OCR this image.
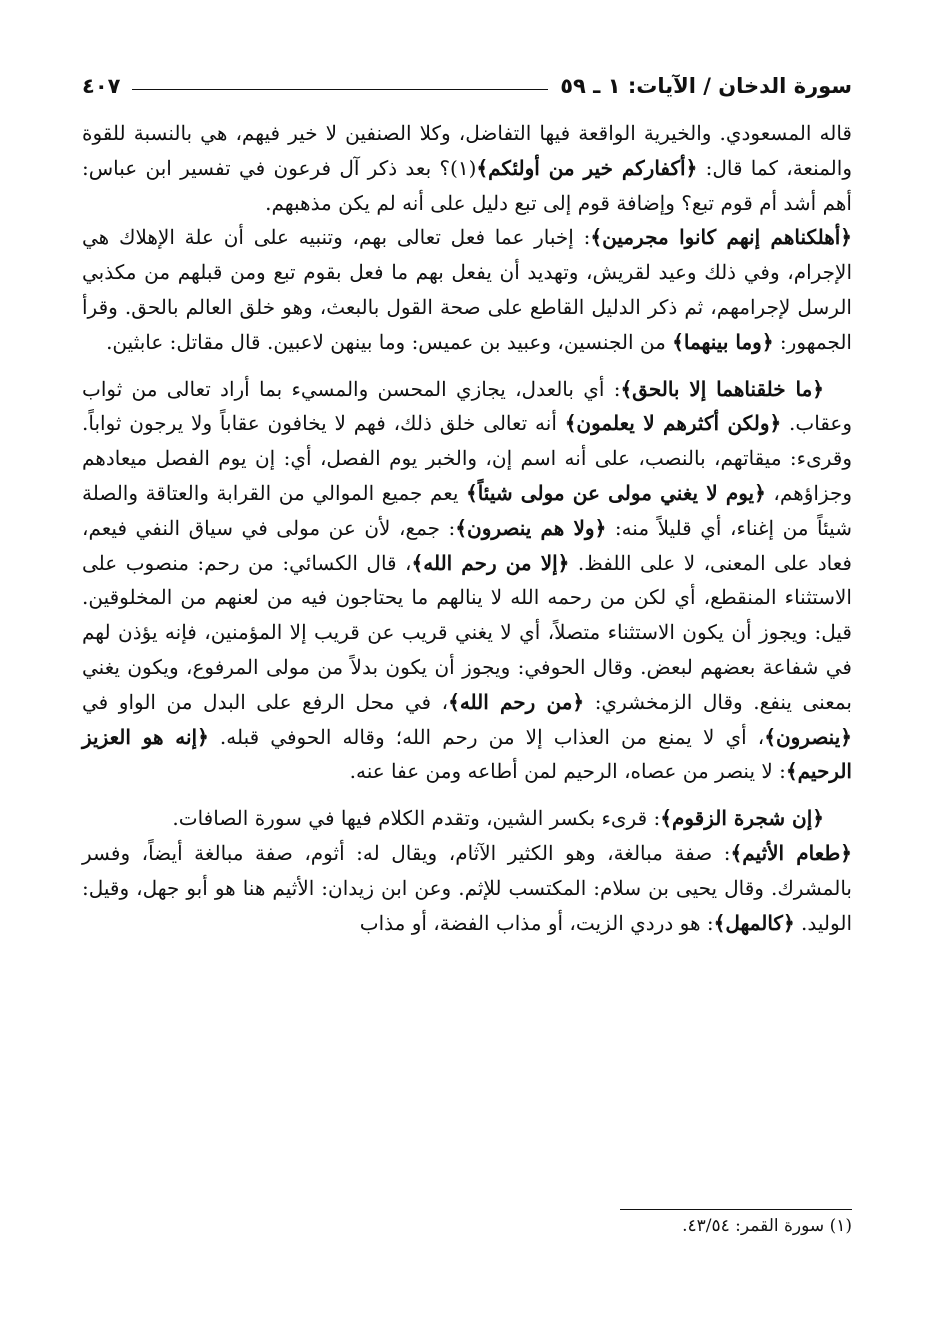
سورة الدخان / الآيات: ١ ـ ٥٩
٤٠٧

قاله المسعودي. والخيرية الواقعة فيها التفاضل، وكلا الصنفين لا خير فيهم، هي بالنسبة للقوة والمنعة، كما قال: ﴿أكفاركم خير من أولئكم﴾(١)؟ بعد ذكر آل فرعون في تفسير ابن عباس: أهم أشد أم قوم تبع؟ وإضافة قوم إلى تبع دليل على أنه لم يكن مذهبهم.

﴿أهلكناهم إنهم كانوا مجرمين﴾: إخبار عما فعل تعالى بهم، وتنبيه على أن علة الإهلاك هي الإجرام، وفي ذلك وعيد لقريش، وتهديد أن يفعل بهم ما فعل بقوم تبع ومن قبلهم من مكذبي الرسل لإجرامهم، ثم ذكر الدليل القاطع على صحة القول بالبعث، وهو خلق العالم بالحق. وقرأ الجمهور: ﴿وما بينهما﴾ من الجنسين، وعبيد بن عميس: وما بينهن لاعبين. قال مقاتل: عابثين.

﴿ما خلقناهما إلا بالحق﴾: أي بالعدل، يجازي المحسن والمسيء بما أراد تعالى من ثواب وعقاب. ﴿ولكن أكثرهم لا يعلمون﴾ أنه تعالى خلق ذلك، فهم لا يخافون عقاباً ولا يرجون ثواباً. وقرىء: ميقاتهم، بالنصب، على أنه اسم إن، والخبر يوم الفصل، أي: إن يوم الفصل ميعادهم وجزاؤهم، ﴿يوم لا يغني مولى عن مولى شيئاً﴾ يعم جميع الموالي من القرابة والعتاقة والصلة شيئاً من إغناء، أي قليلاً منه: ﴿ولا هم ينصرون﴾: جمع، لأن عن مولى في سياق النفي فيعم، فعاد على المعنى، لا على اللفظ. ﴿إلا من رحم الله﴾، قال الكسائي: من رحم: منصوب على الاستثناء المنقطع، أي لكن من رحمه الله لا ينالهم ما يحتاجون فيه من لعنهم من المخلوقين. قيل: ويجوز أن يكون الاستثناء متصلاً، أي لا يغني قريب عن قريب إلا المؤمنين، فإنه يؤذن لهم في شفاعة بعضهم لبعض. وقال الحوفي: ويجوز أن يكون بدلاً من مولى المرفوع، ويكون يغني بمعنى ينفع. وقال الزمخشري: ﴿من رحم الله﴾، في محل الرفع على البدل من الواو في ﴿ينصرون﴾، أي لا يمنع من العذاب إلا من رحم الله؛ وقاله الحوفي قبله. ﴿إنه هو العزيز الرحيم﴾: لا ينصر من عصاه، الرحيم لمن أطاعه ومن عفا عنه.

﴿إن شجرة الزقوم﴾: قرىء بكسر الشين، وتقدم الكلام فيها في سورة الصافات.

﴿طعام الأثيم﴾: صفة مبالغة، وهو الكثير الآثام، ويقال له: أثوم، صفة مبالغة أيضاً، وفسر بالمشرك. وقال يحيى بن سلام: المكتسب للإثم. وعن ابن زيدان: الأثيم هنا هو أبو جهل، وقيل: الوليد. ﴿كالمهل﴾: هو دردي الزيت، أو مذاب الفضة، أو مذاب

(١) سورة القمر: ٤٣/٥٤.
